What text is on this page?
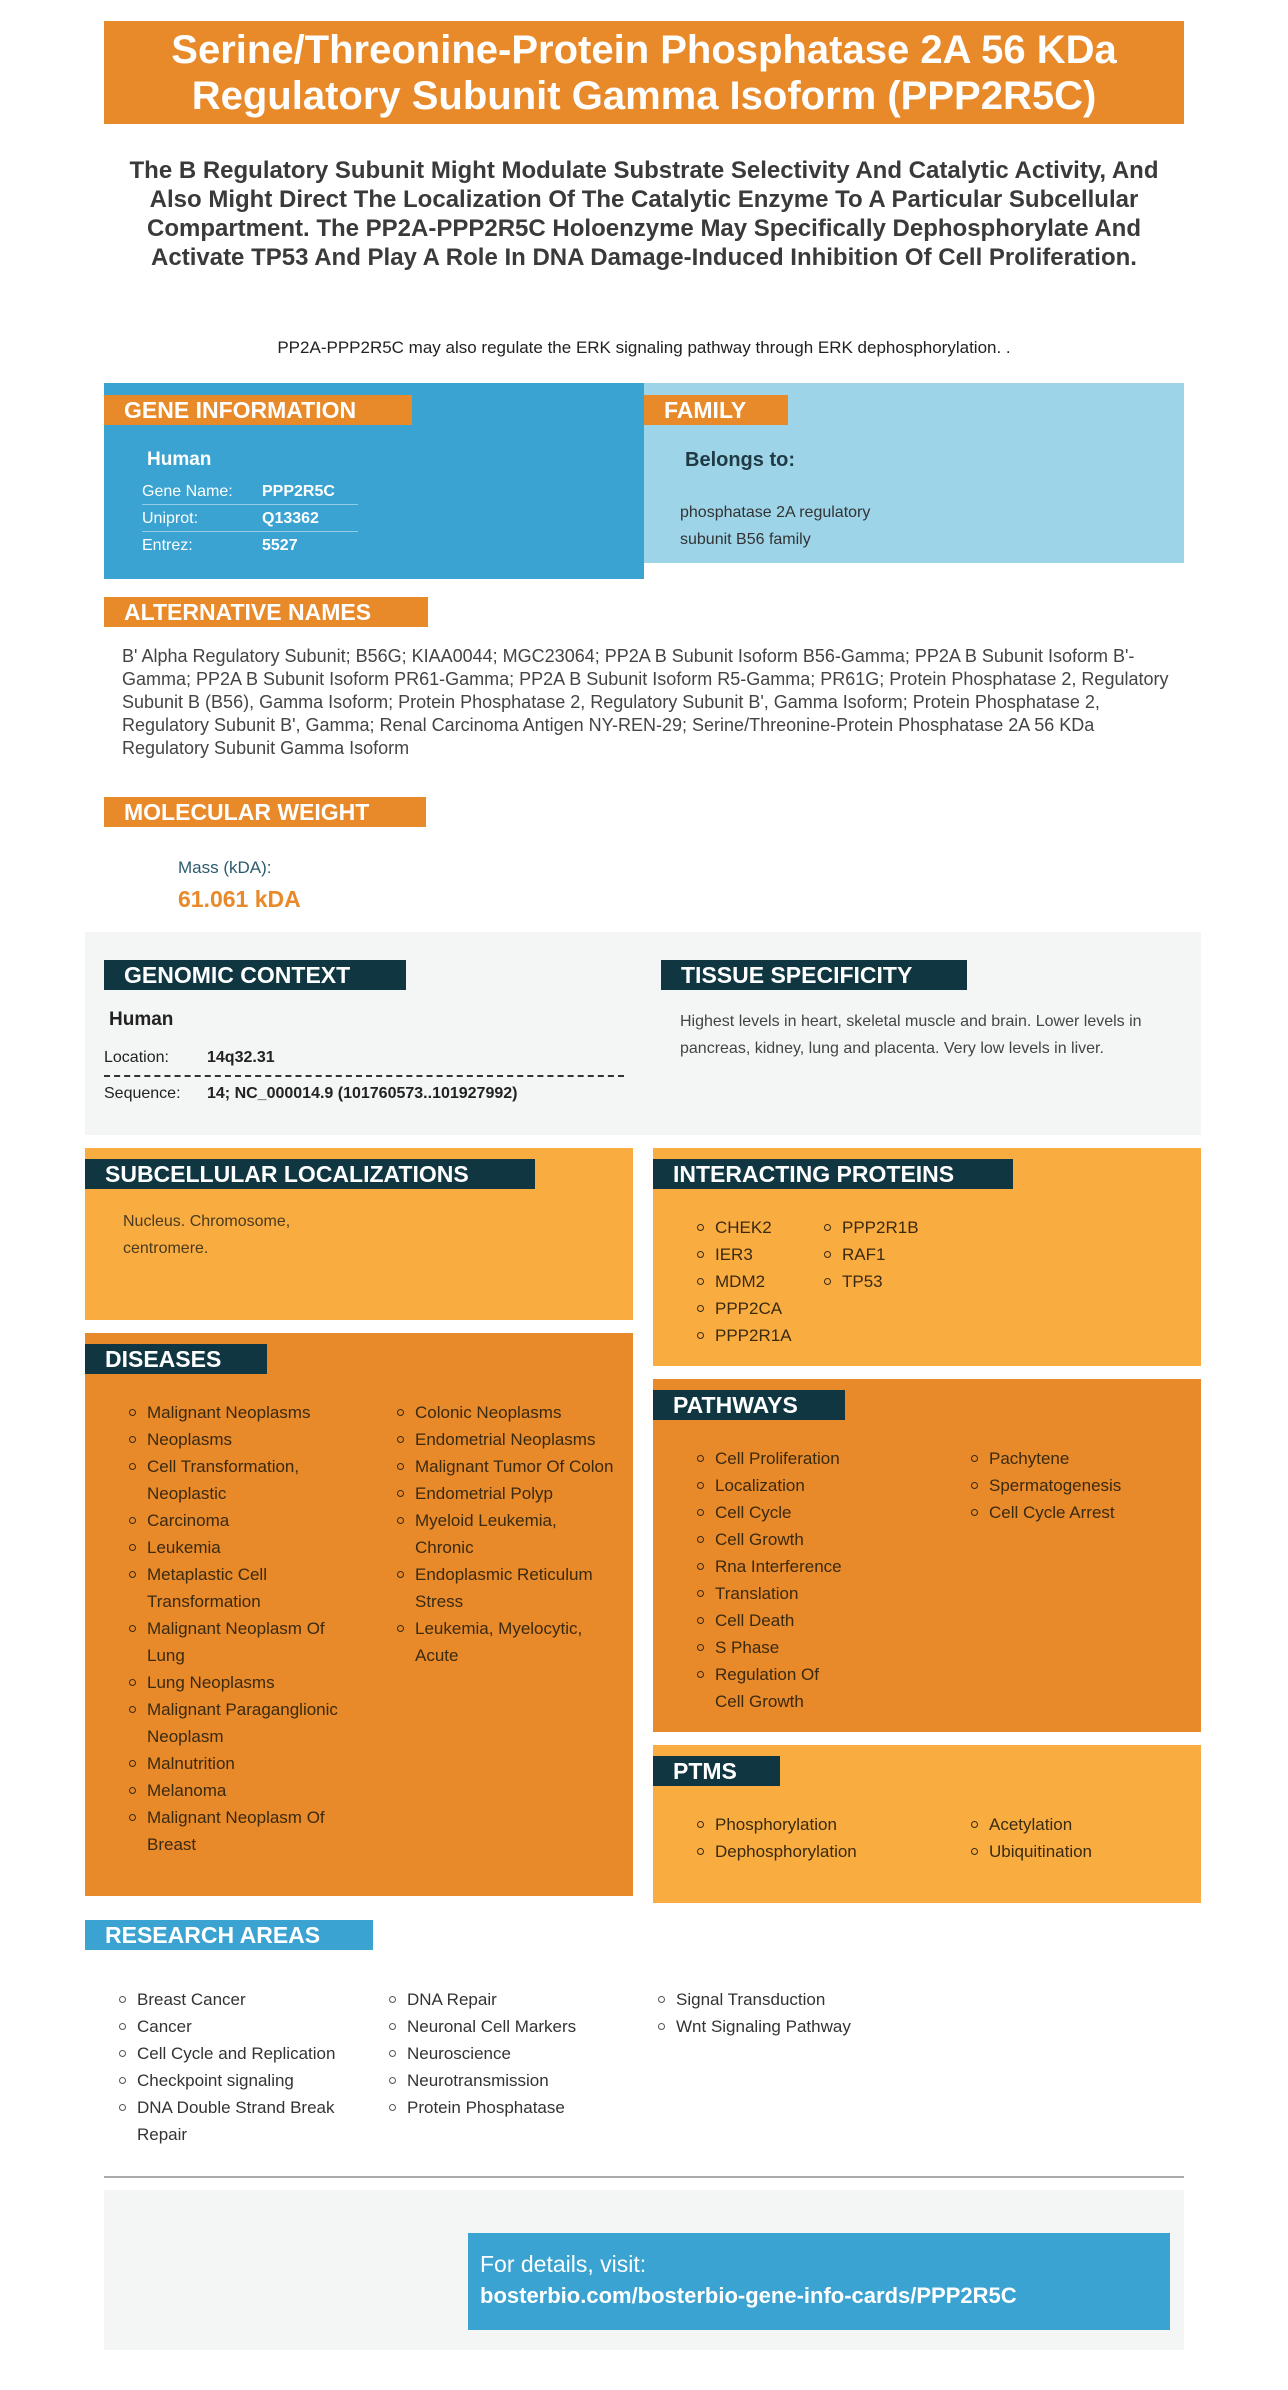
Serine/Threonine-Protein Phosphatase 2A 56 KDa Regulatory Subunit Gamma Isoform (PPP2R5C)
The B Regulatory Subunit Might Modulate Substrate Selectivity And Catalytic Activity, And Also Might Direct The Localization Of The Catalytic Enzyme To A Particular Subcellular Compartment. The PP2A-PPP2R5C Holoenzyme May Specifically Dephosphorylate And Activate TP53 And Play A Role In DNA Damage-Induced Inhibition Of Cell Proliferation.
PP2A-PPP2R5C may also regulate the ERK signaling pathway through ERK dephosphorylation. .
GENE INFORMATION
Human
Gene Name: PPP2R5C
Uniprot:	Q13362
Entrez:	5527
FAMILY
Belongs to:
phosphatase 2A regulatory
subunit B56 family
ALTERNATIVE NAMES
B' Alpha Regulatory Subunit; B56G; KIAA0044; MGC23064; PP2A B Subunit Isoform B56-Gamma; PP2A B Subunit Isoform B'-Gamma; PP2A B Subunit Isoform PR61-Gamma; PP2A B Subunit Isoform R5-Gamma; PR61G; Protein Phosphatase 2, Regulatory Subunit B (B56), Gamma Isoform; Protein Phosphatase 2, Regulatory Subunit B', Gamma Isoform; Protein Phosphatase 2, Regulatory Subunit B', Gamma; Renal Carcinoma Antigen NY-REN-29; Serine/Threonine-Protein Phosphatase 2A 56 KDa Regulatory Subunit Gamma Isoform
MOLECULAR WEIGHT
Mass (kDA):
61.061 kDA
GENOMIC CONTEXT
Human
Location: 14q32.31
Sequence: 14; NC_000014.9 (101760573..101927992)
TISSUE SPECIFICITY
Highest levels in heart, skeletal muscle and brain. Lower levels in pancreas, kidney, lung and placenta. Very low levels in liver.
SUBCELLULAR LOCALIZATIONS
Nucleus. Chromosome,
centromere.
INTERACTING PROTEINS
CHEK2
IER3
MDM2
PPP2CA
PPP2R1A
PPP2R1B
RAF1
TP53
DISEASES
Malignant Neoplasms
Neoplasms
Cell Transformation, Neoplastic
Carcinoma
Leukemia
Metaplastic Cell Transformation
Malignant Neoplasm Of Lung
Lung Neoplasms
Malignant Paraganglionic Neoplasm
Malnutrition
Melanoma
Malignant Neoplasm Of Breast
Colonic Neoplasms
Endometrial Neoplasms
Malignant Tumor Of Colon
Endometrial Polyp
Myeloid Leukemia, Chronic
Endoplasmic Reticulum Stress
Leukemia, Myelocytic, Acute
PATHWAYS
Cell Proliferation
Localization
Cell Cycle
Cell Growth
Rna Interference
Translation
Cell Death
S Phase
Regulation Of Cell Growth
Pachytene
Spermatogenesis
Cell Cycle Arrest
PTMS
Phosphorylation
Dephosphorylation
Acetylation
Ubiquitination
RESEARCH AREAS
Breast Cancer
Cancer
Cell Cycle and Replication
Checkpoint signaling
DNA Double Strand Break Repair
DNA Repair
Neuronal Cell Markers
Neuroscience
Neurotransmission
Protein Phosphatase
Signal Transduction
Wnt Signaling Pathway
For details, visit:
bosterbio.com/bosterbio-gene-info-cards/PPP2R5C
